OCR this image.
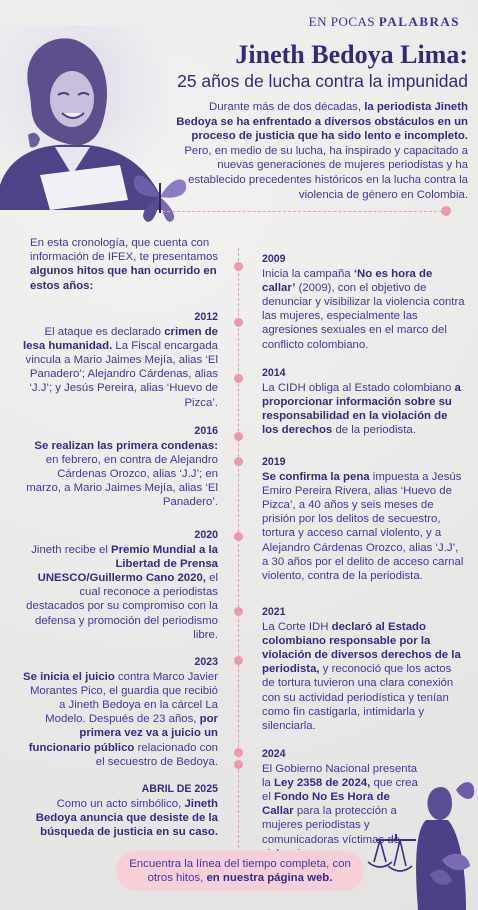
EN POCAS PALABRAS
Jineth Bedoya Lima:
25 años de lucha contra la impunidad
Durante más de dos décadas, la periodista Jineth Bedoya se ha enfrentado a diversos obstáculos en un proceso de justicia que ha sido lento e incompleto. Pero, en medio de su lucha, ha inspirado y capacitado a nuevas generaciones de mujeres periodistas y ha establecido precedentes históricos en la lucha contra la violencia de género en Colombia.
En esta cronología, que cuenta con información de IFEX, te presentamos algunos hitos que han ocurrido en estos años:
2009
Inicia la campaña ‘No es hora de callar’ (2009), con el objetivo de denunciar y visibilizar la violencia contra las mujeres, especialmente las agresiones sexuales en el marco del conflicto colombiano.
2012
El ataque es declarado crimen de lesa humanidad. La Fiscal encargada vincula a Mario Jaimes Mejía, alias ‘El Panadero’; Alejandro Cárdenas, alias ‘J.J’; y Jesús Pereira, alias ‘Huevo de Pizca’.
2014
La CIDH obliga al Estado colombiano a proporcionar información sobre su responsabilidad en la violación de los derechos de la periodista.
2016
Se realizan las primera condenas: en febrero, en contra de Alejandro Cárdenas Orozco, alias ‘J.J’; en marzo, a Mario Jaimes Mejía, alias ‘El Panadero’.
2019
Se confirma la pena impuesta a Jesús Emiro Pereira Rivera, alias ‘Huevo de Pizca’, a 40 años y seis meses de prisión por los delitos de secuestro, tortura y acceso carnal violento, y a Alejandro Cárdenas Orozco, alias ‘J.J’, a 30 años por el delito de acceso carnal violento, contra de la periodista.
2020
Jineth recibe el Premio Mundial a la Libertad de Prensa UNESCO/Guillermo Cano 2020, el cual reconoce a periodistas destacados por su compromiso con la defensa y promoción del periodismo libre.
2021
La Corte IDH declaró al Estado colombiano responsable por la violación de diversos derechos de la periodista, y reconoció que los actos de tortura tuvieron una clara conexión con su actividad periodística y tenían como fin castigarla, intimidarla y silenciarla.
2023
Se inicia el juicio contra Marco Javier Morantes Pico, el guardia que recibió a Jineth Bedoya en la cárcel La Modelo. Después de 23 años, por primera vez va a juicio un funcionario público relacionado con el secuestro de Bedoya.
2024
El Gobierno Nacional presenta la Ley 2358 de 2024, que crea el Fondo No Es Hora de Callar para la protección a mujeres periodistas y comunicadoras víctimas de
ABRIL DE 2025
Como un acto simbólico, Jineth Bedoya anuncia que desiste de la búsqueda de justicia en su caso.
Encuentra la línea del tiempo completa, con otros hitos, en nuestra página web.
